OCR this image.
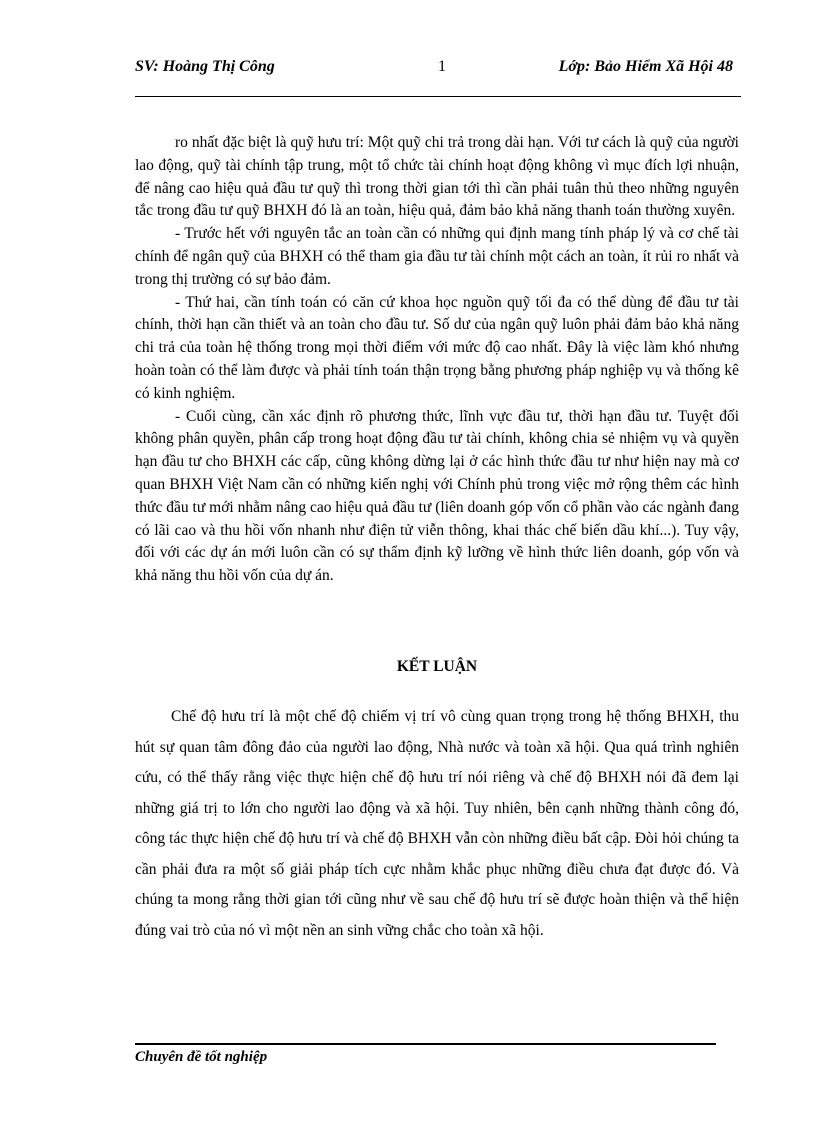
SV: Hoàng Thị Công	1	Lớp: Bảo Hiểm Xã Hội 48

ro nhất đặc biệt là quỹ hưu trí: Một quỹ chi trả trong dài hạn. Với tư cách là quỹ của người lao động, quỹ tài chính tập trung, một tổ chức tài chính hoạt động không vì mục đích lợi nhuận, để nâng cao hiệu quả đầu tư quỹ thì trong thời gian tới thì cần phải tuân thủ theo những nguyên tắc trong đầu tư quỹ BHXH đó là an toàn, hiệu quả, đảm bảo khả năng thanh toán thường xuyên.

- Trước hết với nguyên tắc an toàn cần có những qui định mang tính pháp lý và cơ chế tài chính để ngân quỹ của BHXH có thể tham gia đầu tư tài chính một cách an toàn, ít rủi ro nhất và trong thị trường có sự bảo đảm.

- Thứ hai, cần tính toán có căn cứ khoa học nguồn quỹ tối đa có thể dùng để đầu tư tài chính, thời hạn cần thiết và an toàn cho đầu tư. Số dư của ngân quỹ luôn phải đảm bảo khả năng chi trả của toàn hệ thống trong mọi thời điểm với mức độ cao nhất. Đây là việc làm khó nhưng hoàn toàn có thể làm được và phải tính toán thận trọng bằng phương pháp nghiệp vụ và thống kê có kinh nghiệm.

- Cuối cùng, cần xác định rõ phương thức, lĩnh vực đầu tư, thời hạn đầu tư. Tuyệt đối không phân quyền, phân cấp trong hoạt động đầu tư tài chính, không chia sẻ nhiệm vụ và quyền hạn đầu tư cho BHXH các cấp, cũng không dừng lại ở các hình thức đầu tư như hiện nay mà cơ quan BHXH Việt Nam cần có những kiến nghị với Chính phủ trong việc mở rộng thêm các hình thức đầu tư mới nhằm nâng cao hiệu quả đầu tư (liên doanh góp vốn cổ phần vào các ngành đang có lãi cao và thu hồi vốn nhanh như điện tử viễn thông, khai thác chế biến dầu khí...). Tuy vậy, đối với các dự án mới luôn cần có sự thẩm định kỹ lưỡng về hình thức liên doanh, góp vốn và khả năng thu hồi vốn của dự án.

KẾT LUẬN
Chế độ hưu trí là một chế độ chiếm vị trí vô cùng quan trọng trong hệ thống BHXH, thu hút sự quan tâm đông đảo của người lao động, Nhà nước và toàn xã hội. Qua quá trình nghiên cứu, có thể thấy rằng việc thực hiện chế độ hưu trí nói riêng và chế độ BHXH nói đã đem lại những giá trị to lớn cho người lao động và xã hội. Tuy nhiên, bên cạnh những thành công đó, công tác thực hiện chế độ hưu trí và chế độ BHXH vẫn còn những điều bất cập. Đòi hỏi chúng ta cần phải đưa ra một số giải pháp tích cực nhằm khắc phục những điều chưa đạt được đó. Và chúng ta mong rằng thời gian tới cũng như về sau chế độ hưu trí sẽ được hoàn thiện và thể hiện đúng vai trò của nó vì một nền an sinh vững chắc cho toàn xã hội.
Chuyên đề tốt nghiệp
